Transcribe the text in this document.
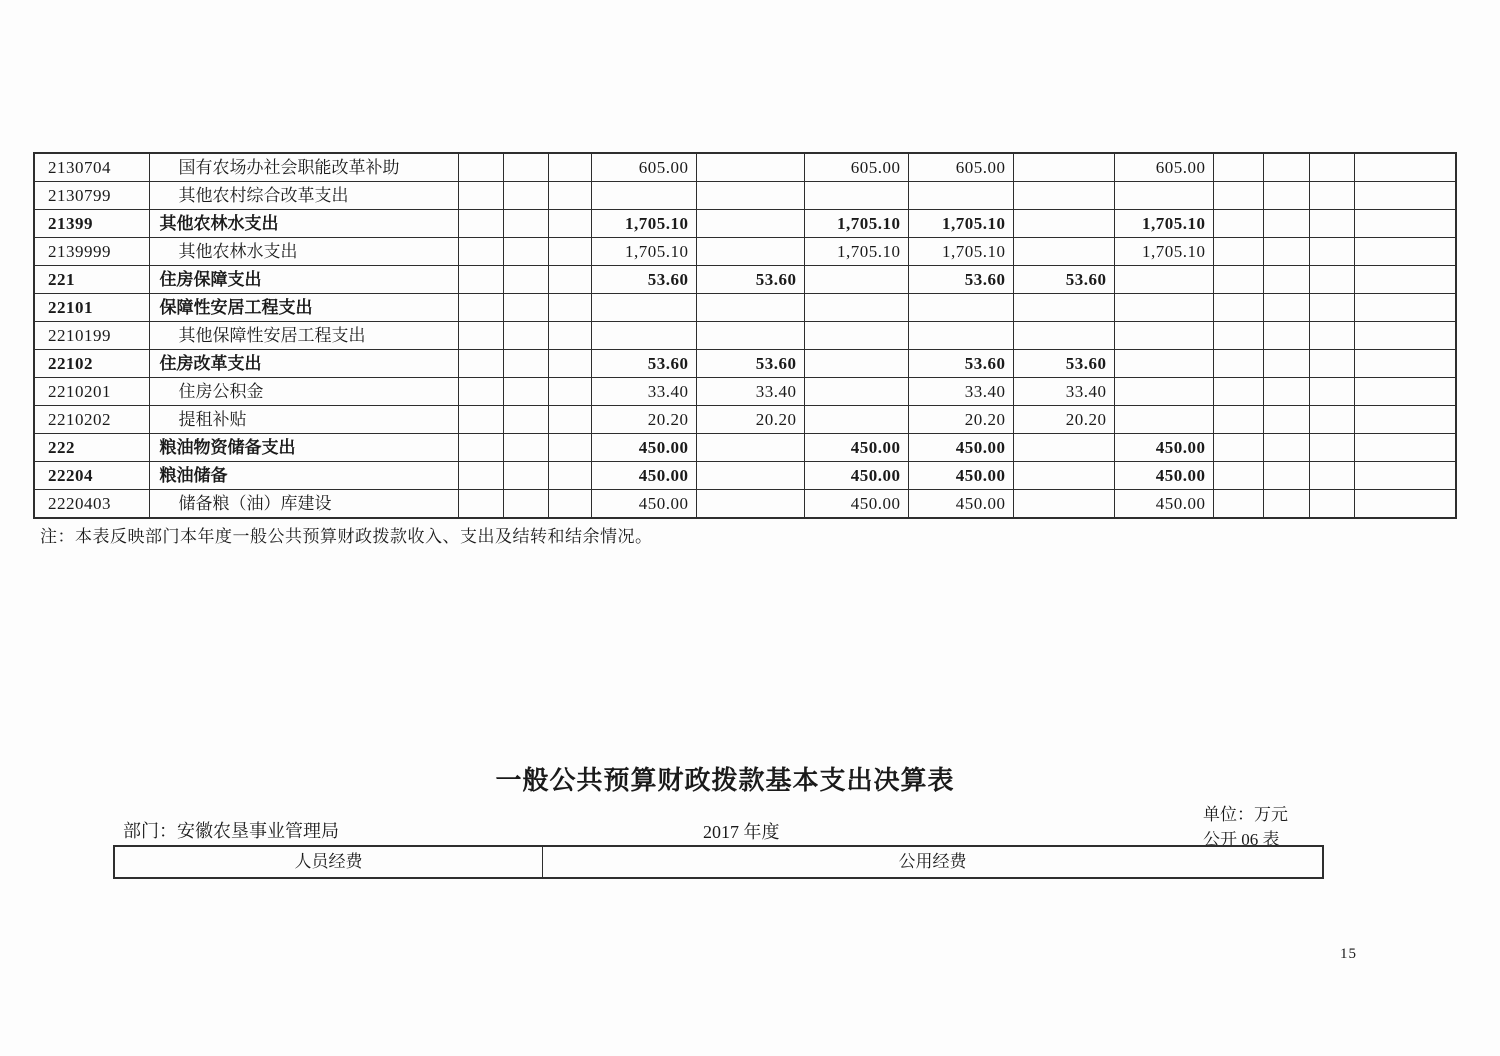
2130704	国有农场办社会职能改革补助				605.00		605.00	605.00		605.00				
2130799	其他农村综合改革支出													
21399	其他农林水支出				1,705.10		1,705.10	1,705.10		1,705.10				
2139999	其他农林水支出				1,705.10		1,705.10	1,705.10		1,705.10				
221	住房保障支出				53.60	53.60		53.60	53.60					
22101	保障性安居工程支出													
2210199	其他保障性安居工程支出													
22102	住房改革支出				53.60	53.60		53.60	53.60					
2210201	住房公积金				33.40	33.40		33.40	33.40					
2210202	提租补贴				20.20	20.20		20.20	20.20					
222	粮油物资储备支出				450.00		450.00	450.00		450.00				
22204	粮油储备				450.00		450.00	450.00		450.00				
2220403	储备粮（油）库建设				450.00		450.00	450.00		450.00				
注：本表反映部门本年度一般公共预算财政拨款收入、支出及结转和结余情况。
一般公共预算财政拨款基本支出决算表
部门：安徽农垦事业管理局	2017 年度
单位：万元
公开 06 表
人员经费	公用经费
15
